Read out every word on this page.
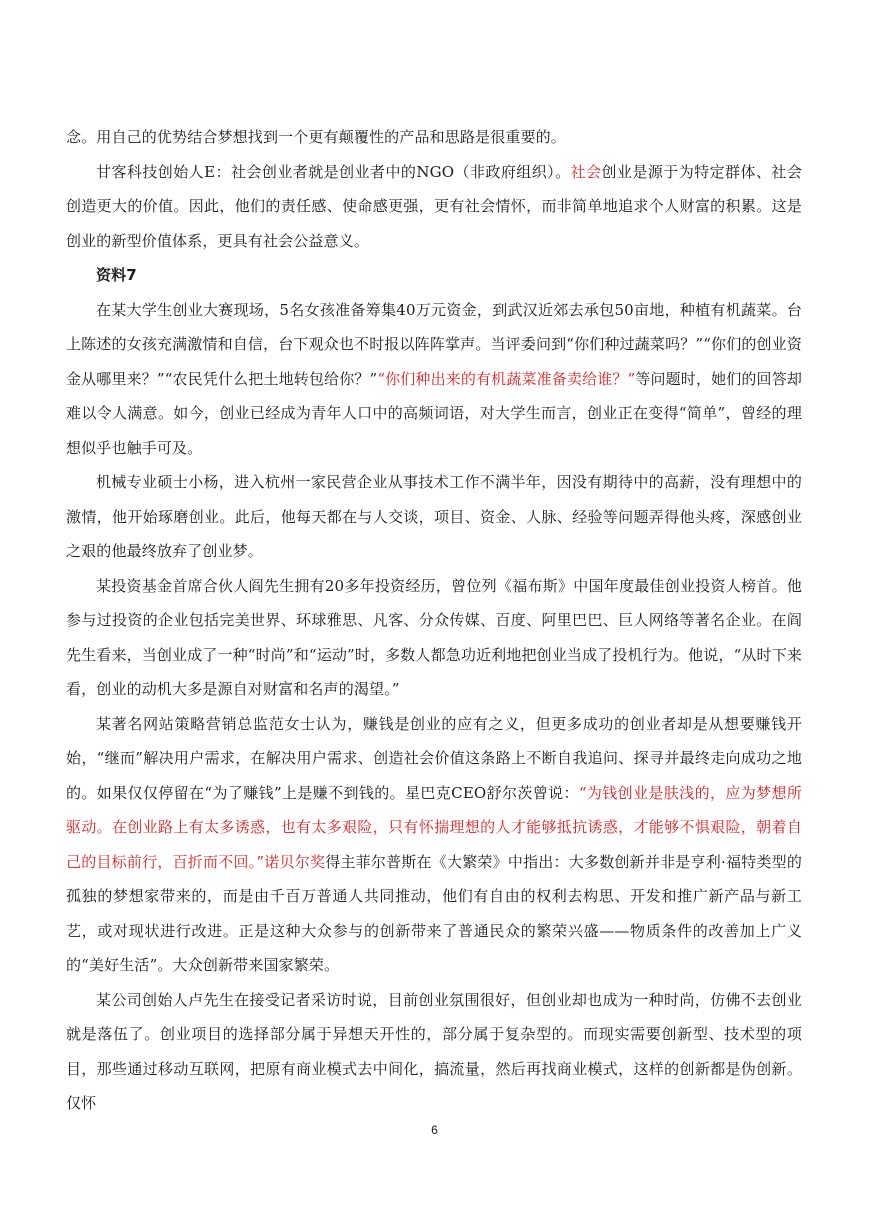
念。用自己的优势结合梦想找到一个更有颠覆性的产品和思路是很重要的。

甘客科技创始人E：社会创业者就是创业者中的NGO（非政府组织）。社会创业是源于为特定群体、社会创造更大的价值。因此，他们的责任感、使命感更强，更有社会情怀，而非简单地追求个人财富的积累。这是创业的新型价值体系，更具有社会公益意义。

资料7

在某大学生创业大赛现场，5名女孩准备筹集40万元资金，到武汉近郊去承包50亩地，种植有机蔬菜。台上陈述的女孩充满激情和自信，台下观众也不时报以阵阵掌声。当评委问到“你们种过蔬菜吗？”“你们的创业资金从哪里来？”“农民凭什么把土地转包给你？”“你们种出来的有机蔬菜准备卖给谁？”等问题时，她们的回答却难以令人满意。如今，创业已经成为青年人口中的高频词语，对大学生而言，创业正在变得“简单”，曾经的理想似乎也触手可及。

机械专业硕士小杨，进入杭州一家民营企业从事技术工作不满半年，因没有期待中的高薪，没有理想中的激情，他开始琢磨创业。此后，他每天都在与人交谈，项目、资金、人脉、经验等问题弄得他头疼，深感创业之艰的他最终放弃了创业梦。

某投资基金首席合伙人阎先生拥有20多年投资经历，曾位列《福布斯》中国年度最佳创业投资人榜首。他参与过投资的企业包括完美世界、环球雅思、凡客、分众传媒、百度、阿里巴巴、巨人网络等著名企业。在阎先生看来，当创业成了一种“时尚”和“运动”时，多数人都急功近利地把创业当成了投机行为。他说，“从时下来看，创业的动机大多是源自对财富和名声的渴望。”

某著名网站策略营销总监范女士认为，赚钱是创业的应有之义，但更多成功的创业者却是从想要赚钱开始，“继而”解决用户需求，在解决用户需求、创造社会价值这条路上不断自我追问、探寻并最终走向成功之地的。如果仅仅停留在“为了赚钱”上是赚不到钱的。星巴克CEO舒尔茨曾说：“为钱创业是肤浅的，应为梦想所驱动。在创业路上有太多诱惑，也有太多艰险，只有怀揣理想的人才能够抵抗诱惑，才能够不惧艰险，朝着自己的目标前行，百折而不回。”诺贝尔奖得主菲尔普斯在《大繁荣》中指出：大多数创新并非是亨利·福特类型的孤独的梦想家带来的，而是由千百万普通人共同推动，他们有自由的权利去构思、开发和推广新产品与新工艺，或对现状进行改进。正是这种大众参与的创新带来了普通民众的繁荣兴盛——物质条件的改善加上广义的“美好生活”。大众创新带来国家繁荣。

某公司创始人卢先生在接受记者采访时说，目前创业氛围很好，但创业却也成为一种时尚，仿佛不去创业就是落伍了。创业项目的选择部分属于异想天开性的，部分属于复杂型的。而现实需要创新型、技术型的项目，那些通过移动互联网，把原有商业模式去中间化，搞流量，然后再找商业模式，这样的创新都是伪创新。仅怀

6
